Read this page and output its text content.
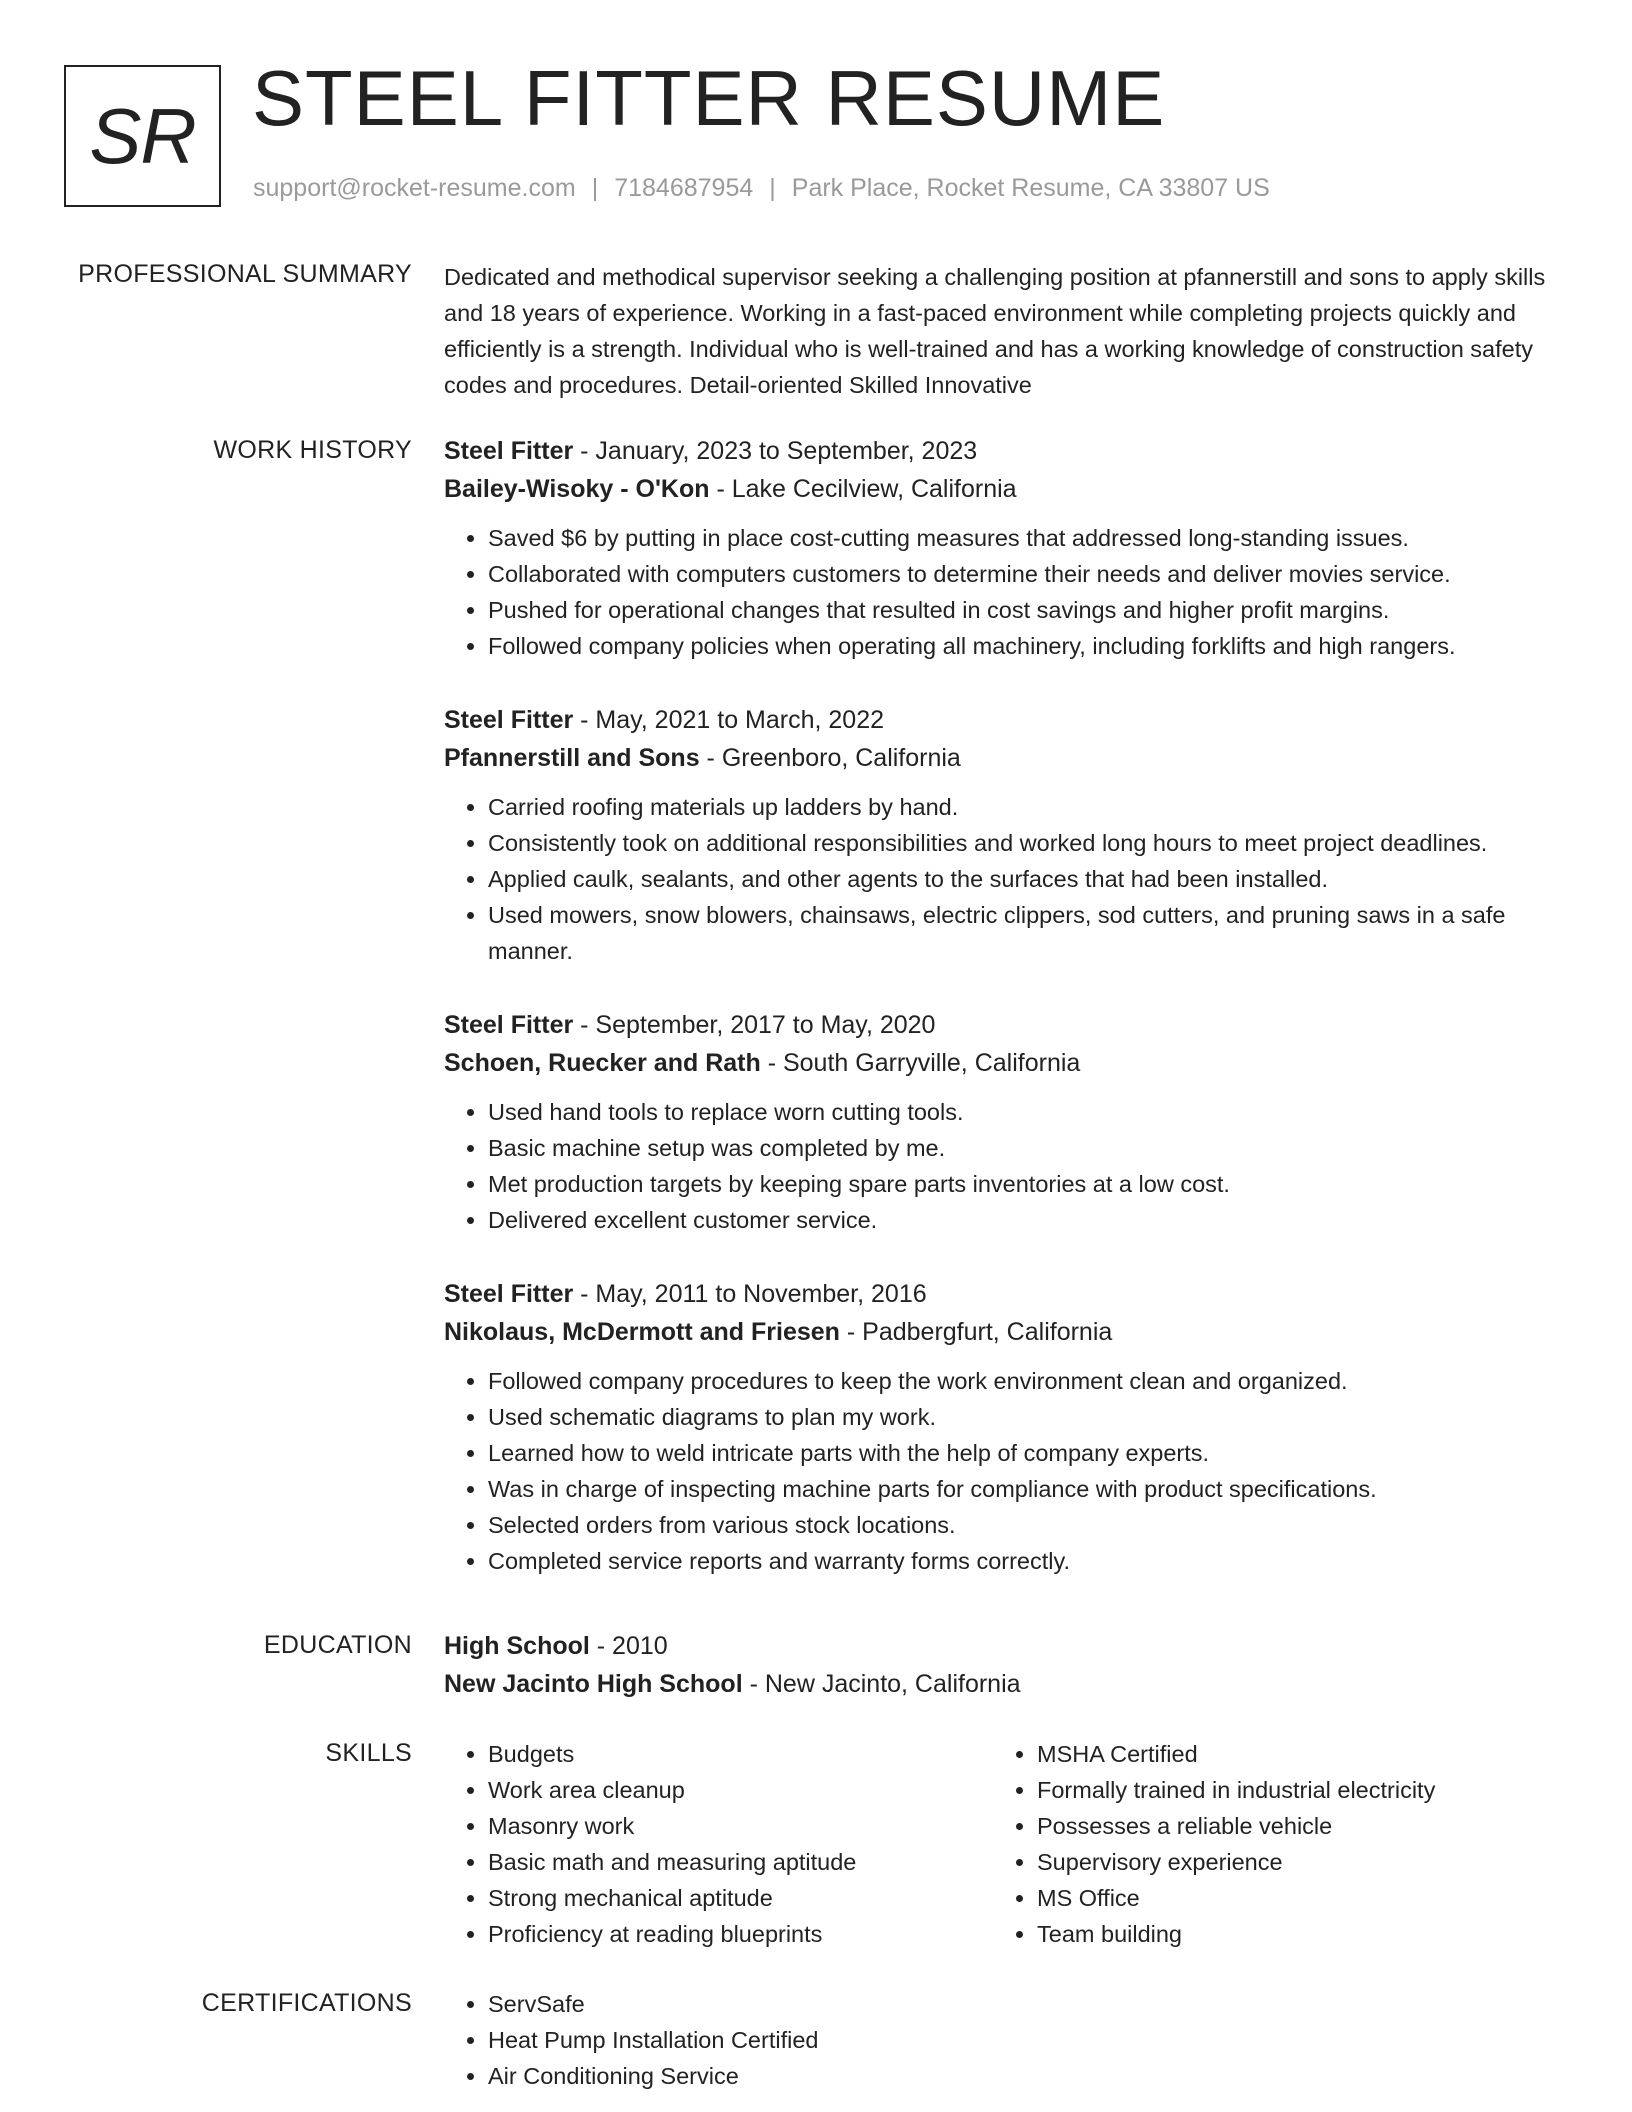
SR STEEL FITTER RESUME
support@rocket-resume.com | 7184687954 | Park Place, Rocket Resume, CA 33807 US
PROFESSIONAL SUMMARY Dedicated and methodical supervisor seeking a challenging position at pfannerstill and sons to apply skills and 18 years of experience. Working in a fast-paced environment while completing projects quickly and efficiently is a strength. Individual who is well-trained and has a working knowledge of construction safety codes and procedures. Detail-oriented Skilled Innovative

WORK HISTORY Steel Fitter - January, 2023 to September, 2023
Bailey-Wisoky - O'Kon - Lake Cecilview, California
• Saved $6 by putting in place cost-cutting measures that addressed long-standing issues.
• Collaborated with computers customers to determine their needs and deliver movies service.
• Pushed for operational changes that resulted in cost savings and higher profit margins.
• Followed company policies when operating all machinery, including forklifts and high rangers.
Steel Fitter - May, 2021 to March, 2022
Pfannerstill and Sons - Greenboro, California
• Carried roofing materials up ladders by hand.
• Consistently took on additional responsibilities and worked long hours to meet project deadlines.
• Applied caulk, sealants, and other agents to the surfaces that had been installed.
• Used mowers, snow blowers, chainsaws, electric clippers, sod cutters, and pruning saws in a safe manner.
Steel Fitter - September, 2017 to May, 2020
Schoen, Ruecker and Rath - South Garryville, California
• Used hand tools to replace worn cutting tools.
• Basic machine setup was completed by me.
• Met production targets by keeping spare parts inventories at a low cost.
• Delivered excellent customer service.
Steel Fitter - May, 2011 to November, 2016
Nikolaus, McDermott and Friesen - Padbergfurt, California
• Followed company procedures to keep the work environment clean and organized.
• Used schematic diagrams to plan my work.
• Learned how to weld intricate parts with the help of company experts.
• Was in charge of inspecting machine parts for compliance with product specifications.
• Selected orders from various stock locations.
• Completed service reports and warranty forms correctly.
EDUCATION High School - 2010
New Jacinto High School - New Jacinto, California
SKILLS	• Budgets
• Work area cleanup
• Masonry work
• Basic math and measuring aptitude
• Strong mechanical aptitude
• Proficiency at reading blueprints
• MSHA Certified
• Formally trained in industrial electricity
• Possesses a reliable vehicle
• Supervisory experience
• MS Office
• Team building
CERTIFICATIONS	• ServSafe
• Heat Pump Installation Certified
• Air Conditioning Service
